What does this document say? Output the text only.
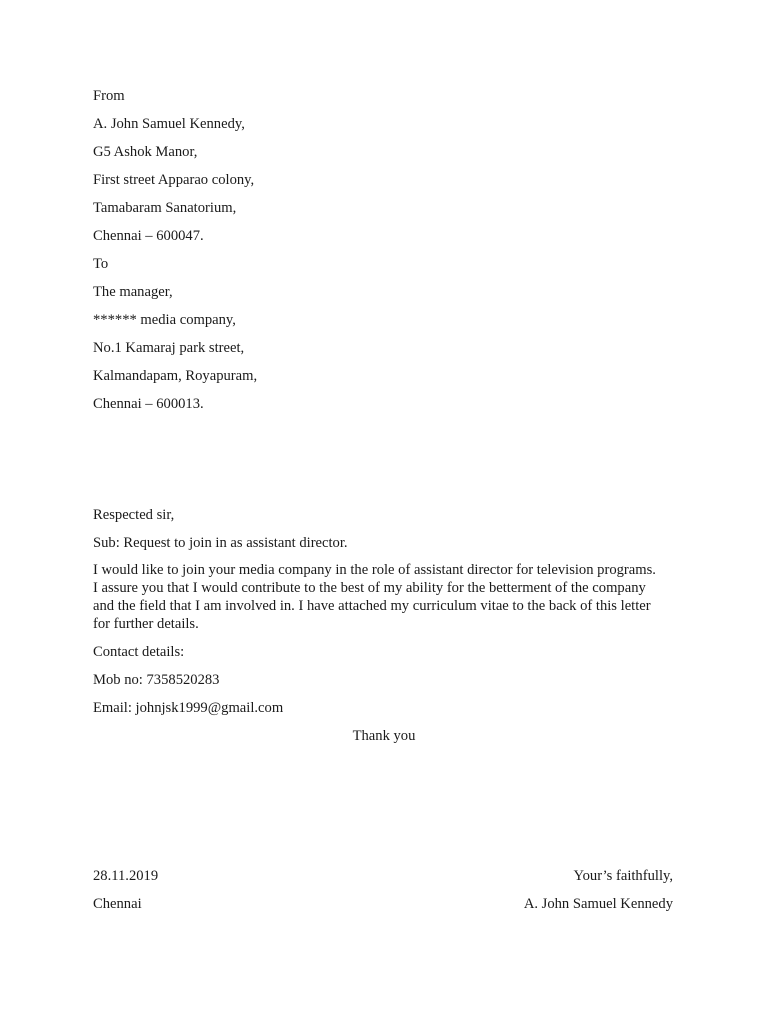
From
A. John Samuel Kennedy,
G5 Ashok Manor,
First street Apparao colony,
Tamabaram Sanatorium,
Chennai – 600047.
To
The manager,
****** media company,
No.1 Kamaraj park street,
Kalmandapam, Royapuram,
Chennai – 600013.
Respected sir,
Sub: Request to join in as assistant director.
I would like to join your media company in the role of assistant director for television programs.
I assure you that I would contribute to the best of my ability for the betterment of the company
and the field that I am involved in. I have attached my curriculum vitae to the back of this letter
for further details.
Contact details:
Mob no: 7358520283
Email: johnjsk1999@gmail.com
Thank you
28.11.2019
Chennai
Your’s faithfully,
A. John Samuel Kennedy
